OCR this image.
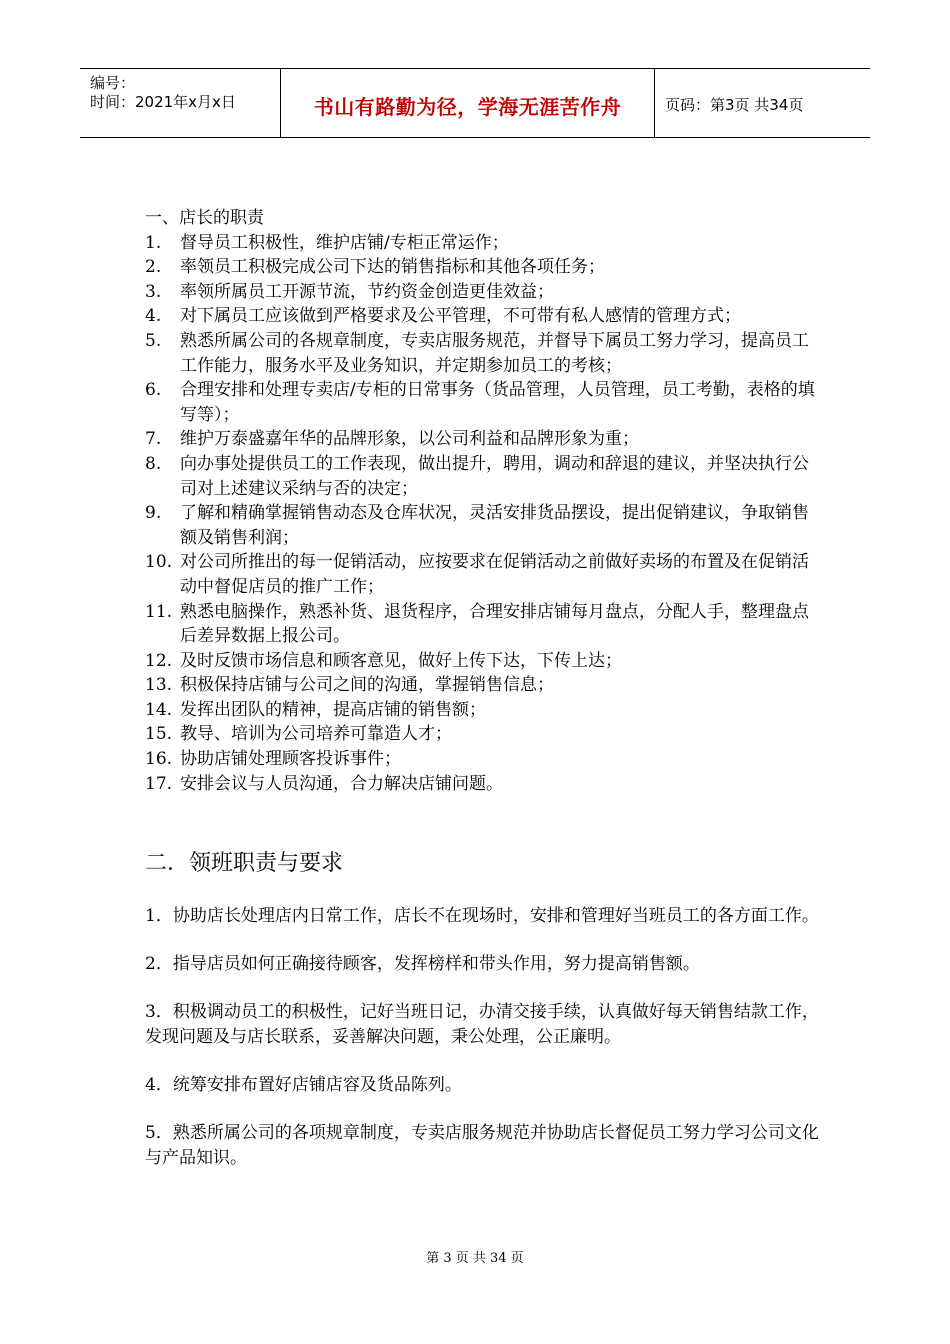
编号：
时间：2021年x月x日	书山有路勤为径，学海无涯苦作舟	页码：第3页 共34页
一、店长的职责
1. 督导员工积极性，维护店铺/专柜正常运作；
2. 率领员工积极完成公司下达的销售指标和其他各项任务；
3. 率领所属员工开源节流，节约资金创造更佳效益；
4. 对下属员工应该做到严格要求及公平管理，不可带有私人感情的管理方式；
5. 熟悉所属公司的各规章制度，专卖店服务规范，并督导下属员工努力学习，提高员工工作能力，服务水平及业务知识，并定期参加员工的考核；
6. 合理安排和处理专卖店/专柜的日常事务（货品管理，人员管理，员工考勤，表格的填写等）；
7. 维护万泰盛嘉年华的品牌形象，以公司利益和品牌形象为重；
8. 向办事处提供员工的工作表现，做出提升，聘用，调动和辞退的建议，并坚决执行公司对上述建议采纳与否的决定；
9. 了解和精确掌握销售动态及仓库状况，灵活安排货品摆设，提出促销建议，争取销售额及销售利润；
10. 对公司所推出的每一促销活动，应按要求在促销活动之前做好卖场的布置及在促销活动中督促店员的推广工作；
11. 熟悉电脑操作，熟悉补货、退货程序，合理安排店铺每月盘点，分配人手，整理盘点后差异数据上报公司。
12. 及时反馈市场信息和顾客意见，做好上传下达，下传上达；
13. 积极保持店铺与公司之间的沟通，掌握销售信息；
14. 发挥出团队的精神，提高店铺的销售额；
15. 教导、培训为公司培养可靠造人才；
16. 协助店铺处理顾客投诉事件；
17. 安排会议与人员沟通，合力解决店铺问题。
二．领班职责与要求

1．协助店长处理店内日常工作，店长不在现场时，安排和管理好当班员工的各方面工作。

2．指导店员如何正确接待顾客，发挥榜样和带头作用，努力提高销售额。

3．积极调动员工的积极性，记好当班日记，办清交接手续，认真做好每天销售结款工作，发现问题及与店长联系，妥善解决问题，秉公处理，公正廉明。

4．统筹安排布置好店铺店容及货品陈列。

5．熟悉所属公司的各项规章制度，专卖店服务规范并协助店长督促员工努力学习公司文化与产品知识。

第 3 页 共 34 页
